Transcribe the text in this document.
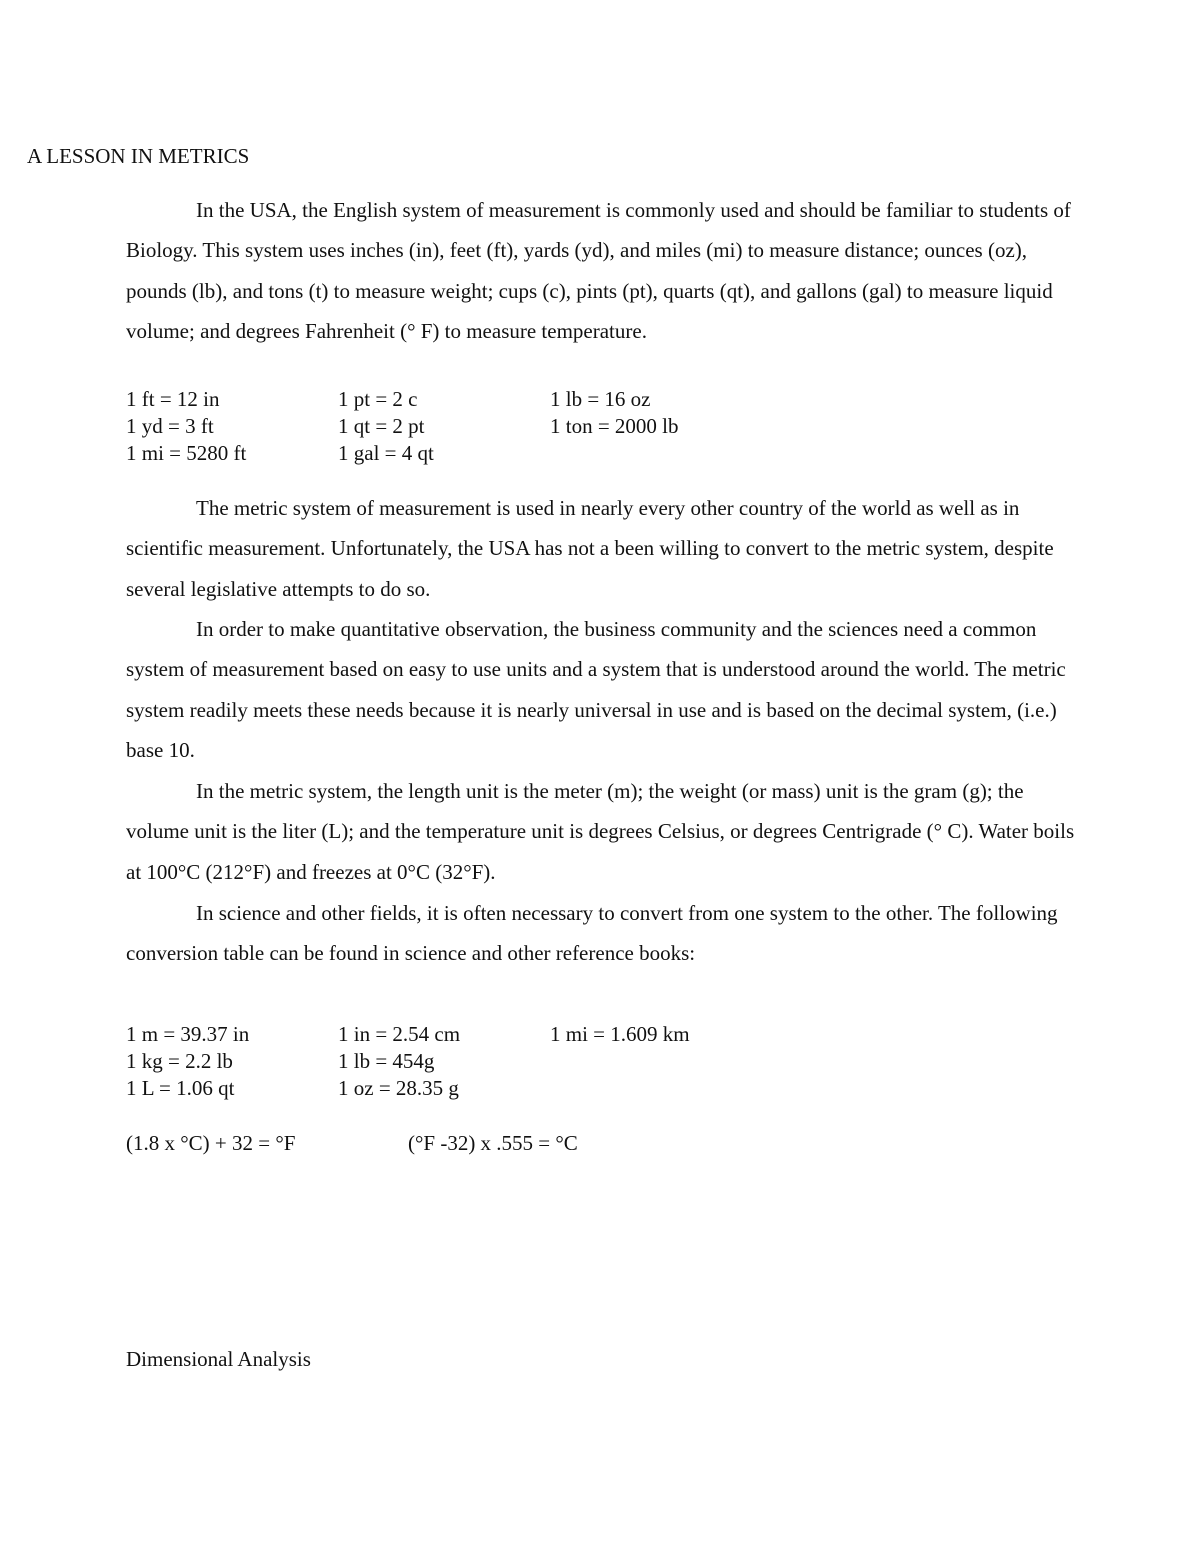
A LESSON IN METRICS

In the USA, the English system of measurement is commonly used and should be familiar to students of Biology. This system uses inches (in), feet (ft), yards (yd), and miles (mi) to measure distance; ounces (oz), pounds (lb), and tons (t) to measure weight; cups (c), pints (pt), quarts (qt), and gallons (gal) to measure liquid volume; and degrees Fahrenheit (° F) to measure temperature.

1 ft = 12 in	1 pt = 2 c	1 lb = 16 oz
1 yd = 3 ft	1 qt = 2 pt	1 ton = 2000 lb
1 mi = 5280 ft	1 gal = 4 qt

The metric system of measurement is used in nearly every other country of the world as well as in scientific measurement. Unfortunately, the USA has not a been willing to convert to the metric system, despite several legislative attempts to do so.

In order to make quantitative observation, the business community and the sciences need a common system of measurement based on easy to use units and a system that is understood around the world. The metric system readily meets these needs because it is nearly universal in use and is based on the decimal system, (i.e.) base 10.

In the metric system, the length unit is the meter (m); the weight (or mass) unit is the gram (g); the volume unit is the liter (L); and the temperature unit is degrees Celsius, or degrees Centrigrade (° C). Water boils at 100°C (212°F) and freezes at 0°C (32°F).

In science and other fields, it is often necessary to convert from one system to the other. The following conversion table can be found in science and other reference books:

1 m = 39.37 in	1 in = 2.54 cm	1 mi = 1.609 km
1 kg = 2.2 lb	1 lb = 454g
1 L = 1.06 qt	1 oz = 28.35 g
(1.8 x °C) + 32 = °F	(°F -32) x .555 = °C
Dimensional Analysis
